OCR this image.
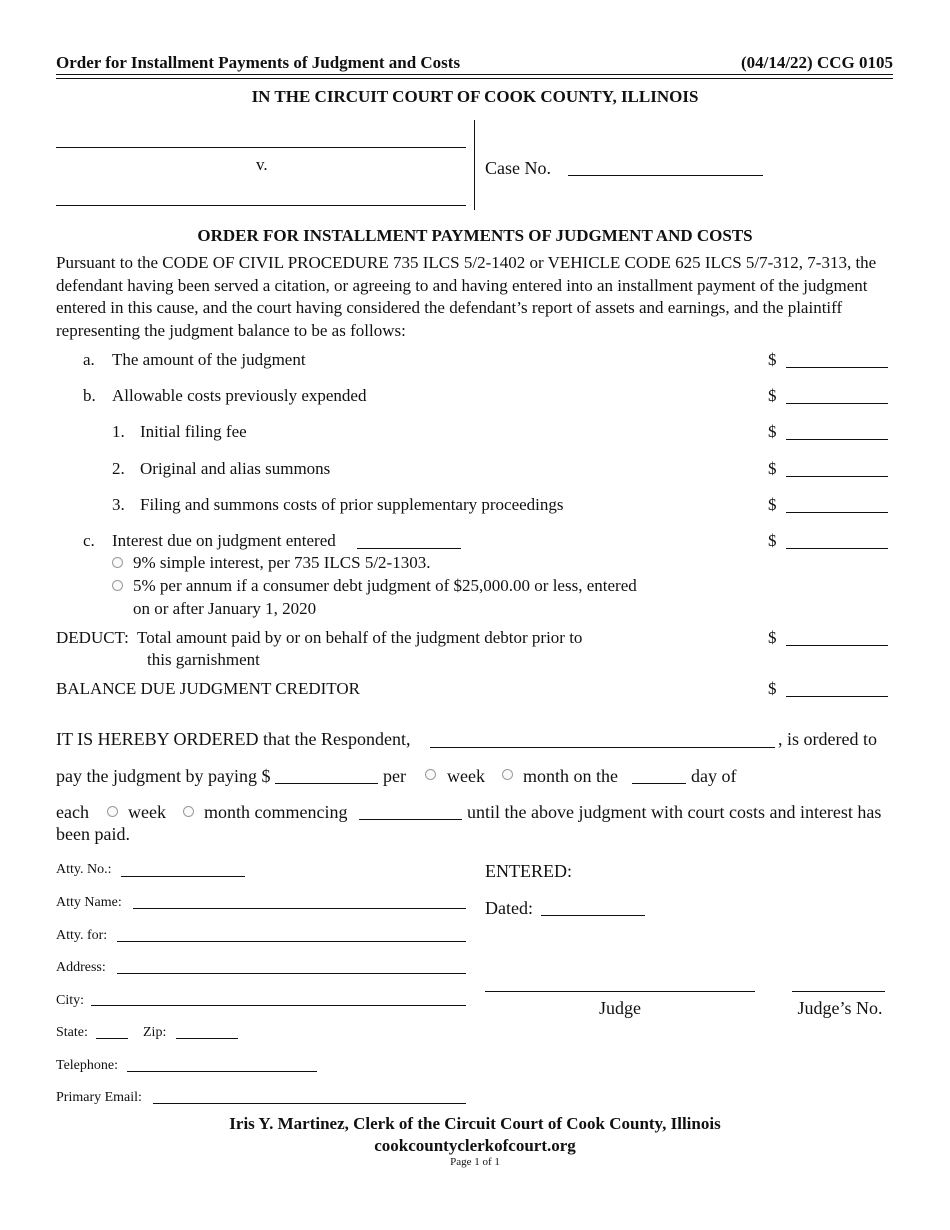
Order for Installment Payments of Judgment and Costs	(04/14/22) CCG 0105
IN THE CIRCUIT COURT OF COOK COUNTY, ILLINOIS
v.	Case No.
ORDER FOR INSTALLMENT PAYMENTS OF JUDGMENT AND COSTS
Pursuant to the CODE OF CIVIL PROCEDURE 735 ILCS 5/2-1402 or VEHICLE CODE 625 ILCS 5/7-312, 7-313, the defendant having been served a citation, or agreeing to and having entered into an installment payment of the judgment entered in this cause, and the court having considered the defendant’s report of assets and earnings, and the plaintiff representing the judgment balance to be as follows:
a. The amount of the judgment	$
b. Allowable costs previously expended	$
1. Initial filing fee	$
2. Original and alias summons	$
3. Filing and summons costs of prior supplementary proceedings	$
c. Interest due on judgment entered	$
9% simple interest, per 735 ILCS 5/2-1303.
5% per annum if a consumer debt judgment of $25,000.00 or less, entered
on or after January 1, 2020
DEDUCT:  Total amount paid by or on behalf of the judgment debtor prior to
this garnishment
$
BALANCE DUE JUDGMENT CREDITOR	$
IT IS HEREBY ORDERED that the Respondent,	, is ordered to
pay the judgment by paying $	per week month on the	day of
each week month commencing	until the above judgment with court costs and interest has
been paid.
Atty. No.:
Atty Name:
Atty. for:
Address:
City:
State:	Zip:
Telephone:
Primary Email:
ENTERED:
Dated:
Judge	Judge’s No.
Iris Y. Martinez, Clerk of the Circuit Court of Cook County, Illinois
cookcountyclerkofcourt.org
Page 1 of 1
